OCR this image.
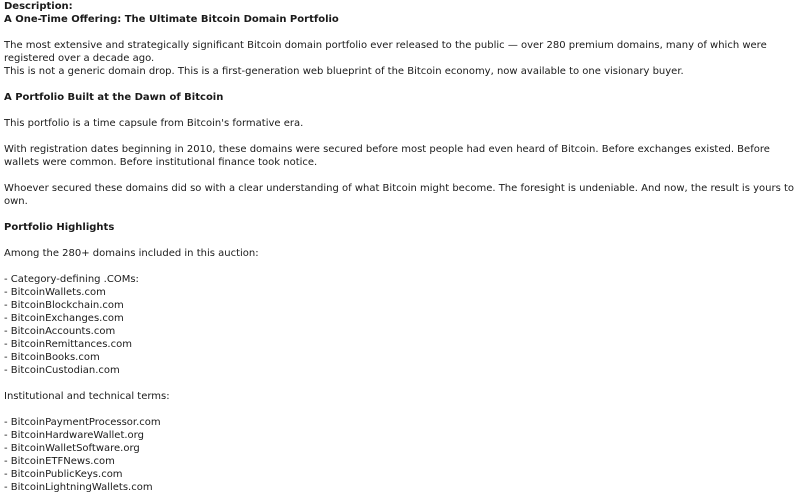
Description:
A One-Time Offering: The Ultimate Bitcoin Domain Portfolio
The most extensive and strategically significant Bitcoin domain portfolio ever released to the public — over 280 premium domains, many of which were registered over a decade ago.
This is not a generic domain drop. This is a first-generation web blueprint of the Bitcoin economy, now available to one visionary buyer.
A Portfolio Built at the Dawn of Bitcoin
This portfolio is a time capsule from Bitcoin's formative era.
With registration dates beginning in 2010, these domains were secured before most people had even heard of Bitcoin. Before exchanges existed. Before wallets were common. Before institutional finance took notice.
Whoever secured these domains did so with a clear understanding of what Bitcoin might become. The foresight is undeniable. And now, the result is yours to own.
Portfolio Highlights
Among the 280+ domains included in this auction:
- Category-defining .COMs:
- BitcoinWallets.com
- BitcoinBlockchain.com
- BitcoinExchanges.com
- BitcoinAccounts.com
- BitcoinRemittances.com
- BitcoinBooks.com
- BitcoinCustodian.com
Institutional and technical terms:
- BitcoinPaymentProcessor.com
- BitcoinHardwareWallet.org
- BitcoinWalletSoftware.org
- BitcoinETFNews.com
- BitcoinPublicKeys.com
- BitcoinLightningWallets.com
